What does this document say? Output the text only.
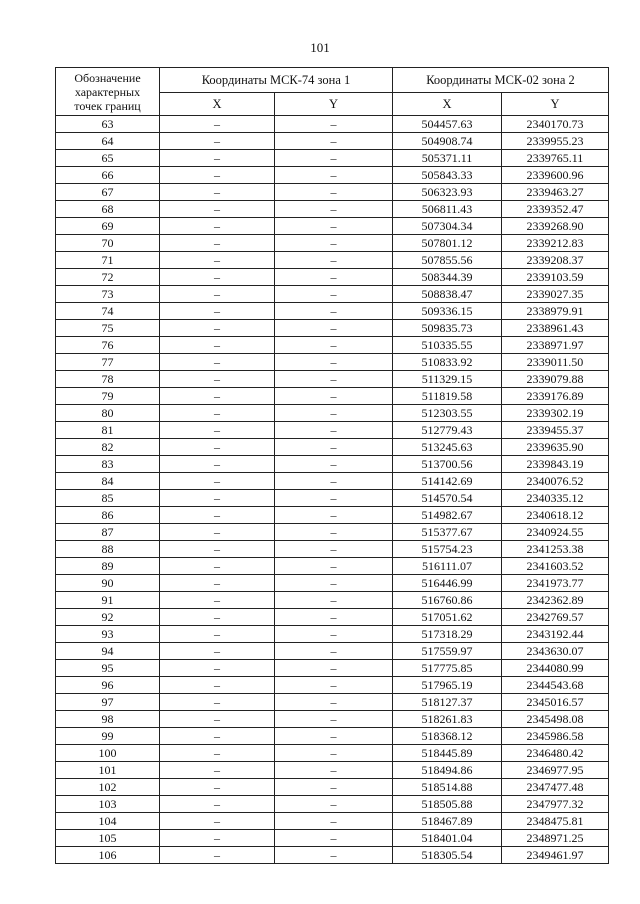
101
Обозначение
характерных
точек границ	Координаты МСК-74 зона 1		Координаты МСК-02 зона 2	
	X	Y	X	Y
63	–	–	504457.63	2340170.73
64	–	–	504908.74	2339955.23
65	–	–	505371.11	2339765.11
66	–	–	505843.33	2339600.96
67	–	–	506323.93	2339463.27
68	–	–	506811.43	2339352.47
69	–	–	507304.34	2339268.90
70	–	–	507801.12	2339212.83
71	–	–	507855.56	2339208.37
72	–	–	508344.39	2339103.59
73	–	–	508838.47	2339027.35
74	–	–	509336.15	2338979.91
75	–	–	509835.73	2338961.43
76	–	–	510335.55	2338971.97
77	–	–	510833.92	2339011.50
78	–	–	511329.15	2339079.88
79	–	–	511819.58	2339176.89
80	–	–	512303.55	2339302.19
81	–	–	512779.43	2339455.37
82	–	–	513245.63	2339635.90
83	–	–	513700.56	2339843.19
84	–	–	514142.69	2340076.52
85	–	–	514570.54	2340335.12
86	–	–	514982.67	2340618.12
87	–	–	515377.67	2340924.55
88	–	–	515754.23	2341253.38
89	–	–	516111.07	2341603.52
90	–	–	516446.99	2341973.77
91	–	–	516760.86	2342362.89
92	–	–	517051.62	2342769.57
93	–	–	517318.29	2343192.44
94	–	–	517559.97	2343630.07
95	–	–	517775.85	2344080.99
96	–	–	517965.19	2344543.68
97	–	–	518127.37	2345016.57
98	–	–	518261.83	2345498.08
99	–	–	518368.12	2345986.58
100	–	–	518445.89	2346480.42
101	–	–	518494.86	2346977.95
102	–	–	518514.88	2347477.48
103	–	–	518505.88	2347977.32
104	–	–	518467.89	2348475.81
105	–	–	518401.04	2348971.25
106	–	–	518305.54	2349461.97
